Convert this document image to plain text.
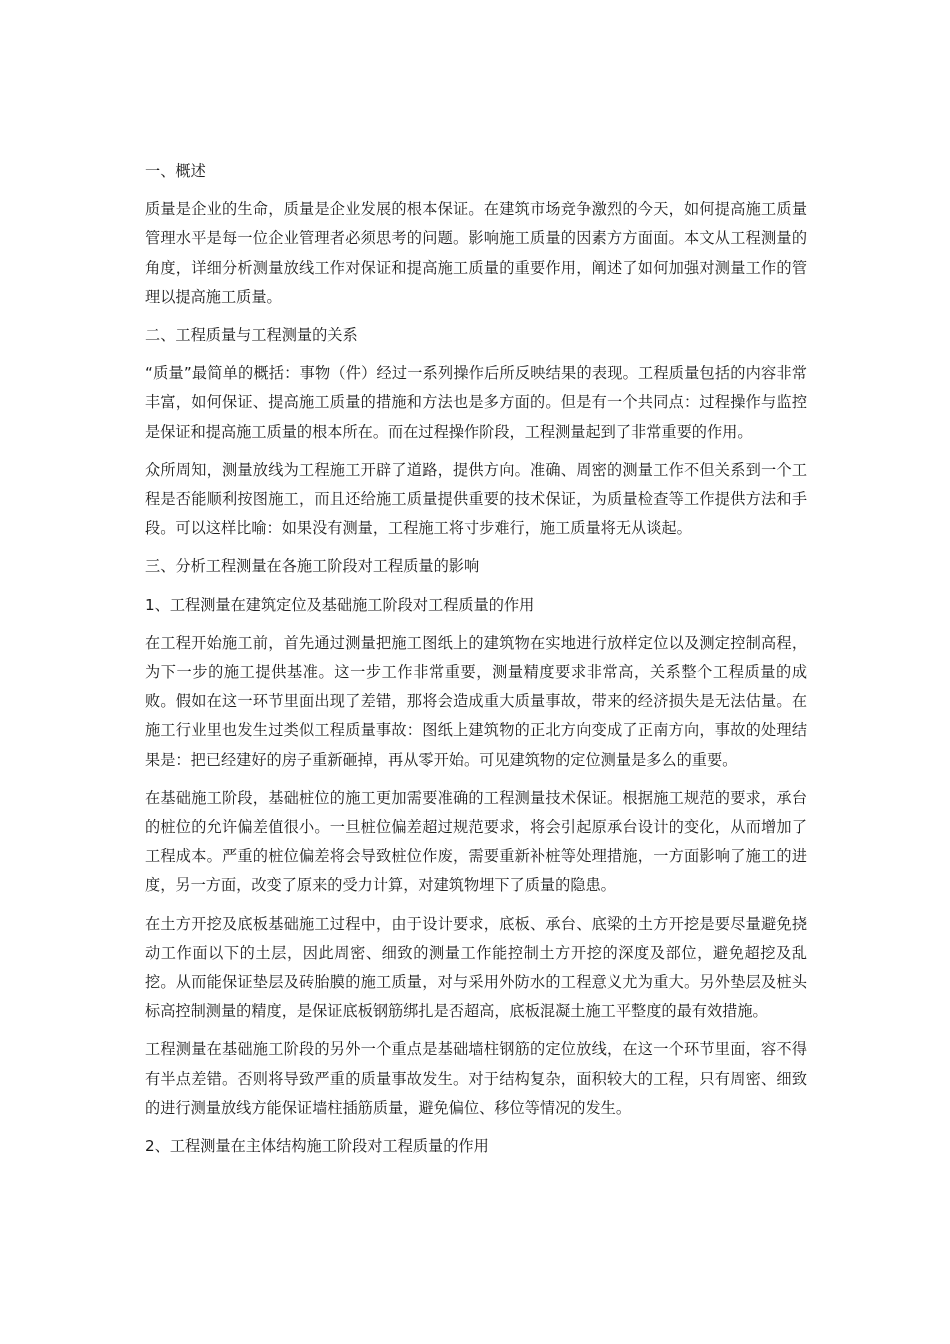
一、概述

质量是企业的生命，质量是企业发展的根本保证。在建筑市场竞争激烈的今天，如何提高施工质量管理水平是每一位企业管理者必须思考的问题。影响施工质量的因素方方面面。本文从工程测量的角度，详细分析测量放线工作对保证和提高施工质量的重要作用，阐述了如何加强对测量工作的管理以提高施工质量。

二、工程质量与工程测量的关系

“质量”最简单的概括：事物（件）经过一系列操作后所反映结果的表现。工程质量包括的内容非常丰富，如何保证、提高施工质量的措施和方法也是多方面的。但是有一个共同点：过程操作与监控是保证和提高施工质量的根本所在。而在过程操作阶段，工程测量起到了非常重要的作用。

众所周知，测量放线为工程施工开辟了道路，提供方向。准确、周密的测量工作不但关系到一个工程是否能顺利按图施工，而且还给施工质量提供重要的技术保证，为质量检查等工作提供方法和手段。可以这样比喻：如果没有测量，工程施工将寸步难行，施工质量将无从谈起。

三、分析工程测量在各施工阶段对工程质量的影响

1、工程测量在建筑定位及基础施工阶段对工程质量的作用

在工程开始施工前，首先通过测量把施工图纸上的建筑物在实地进行放样定位以及测定控制高程，为下一步的施工提供基准。这一步工作非常重要，测量精度要求非常高，关系整个工程质量的成败。假如在这一环节里面出现了差错，那将会造成重大质量事故，带来的经济损失是无法估量。在施工行业里也发生过类似工程质量事故：图纸上建筑物的正北方向变成了正南方向，事故的处理结果是：把已经建好的房子重新砸掉，再从零开始。可见建筑物的定位测量是多么的重要。

在基础施工阶段，基础桩位的施工更加需要准确的工程测量技术保证。根据施工规范的要求，承台的桩位的允许偏差值很小。一旦桩位偏差超过规范要求，将会引起原承台设计的变化，从而增加了工程成本。严重的桩位偏差将会导致桩位作废，需要重新补桩等处理措施，一方面影响了施工的进度，另一方面，改变了原来的受力计算，对建筑物埋下了质量的隐患。

在土方开挖及底板基础施工过程中，由于设计要求，底板、承台、底梁的土方开挖是要尽量避免挠动工作面以下的土层，因此周密、细致的测量工作能控制土方开挖的深度及部位，避免超挖及乱挖。从而能保证垫层及砖胎膜的施工质量，对与采用外防水的工程意义尤为重大。另外垫层及桩头标高控制测量的精度，是保证底板钢筋绑扎是否超高，底板混凝土施工平整度的最有效措施。

工程测量在基础施工阶段的另外一个重点是基础墙柱钢筋的定位放线，在这一个环节里面，容不得有半点差错。否则将导致严重的质量事故发生。对于结构复杂，面积较大的工程，只有周密、细致的进行测量放线方能保证墙柱插筋质量，避免偏位、移位等情况的发生。

2、工程测量在主体结构施工阶段对工程质量的作用
